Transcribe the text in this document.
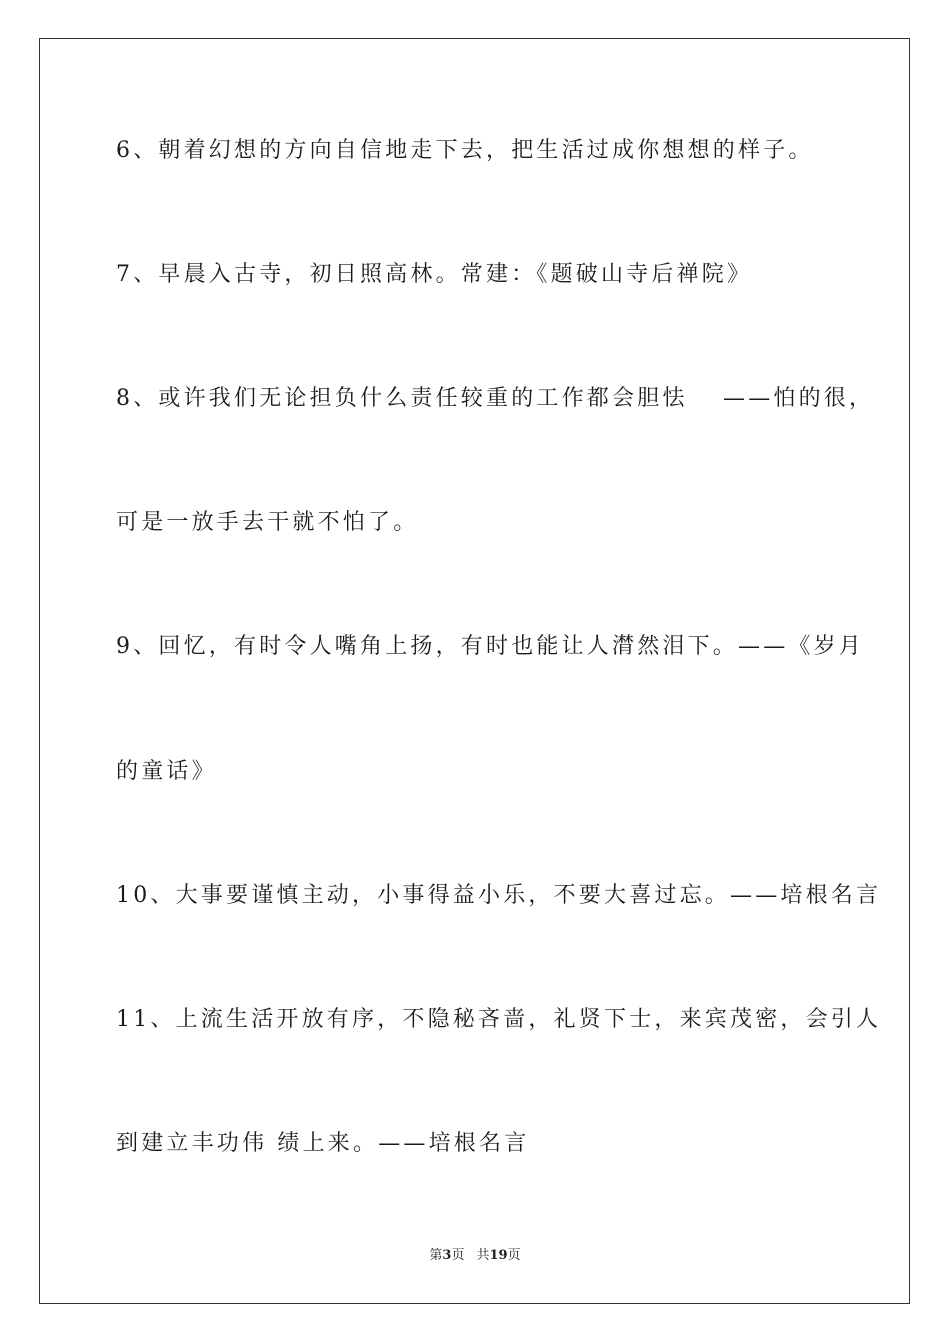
6、朝着幻想的方向自信地走下去，把生活过成你想想的样子。
7、早晨入古寺，初日照高林。常建：《题破山寺后禅院》
8、或许我们无论担负什么责任较重的工作都会胆怯　 ——怕的很，
可是一放手去干就不怕了。
9、回忆，有时令人嘴角上扬，有时也能让人潸然泪下。——《岁月
的童话》
10、大事要谨慎主动，小事得益小乐，不要大喜过忘。——培根名言
11、上流生活开放有序，不隐秘吝啬，礼贤下士，来宾茂密，会引人
到建立丰功伟 绩上来。——培根名言
第3页 共19页
